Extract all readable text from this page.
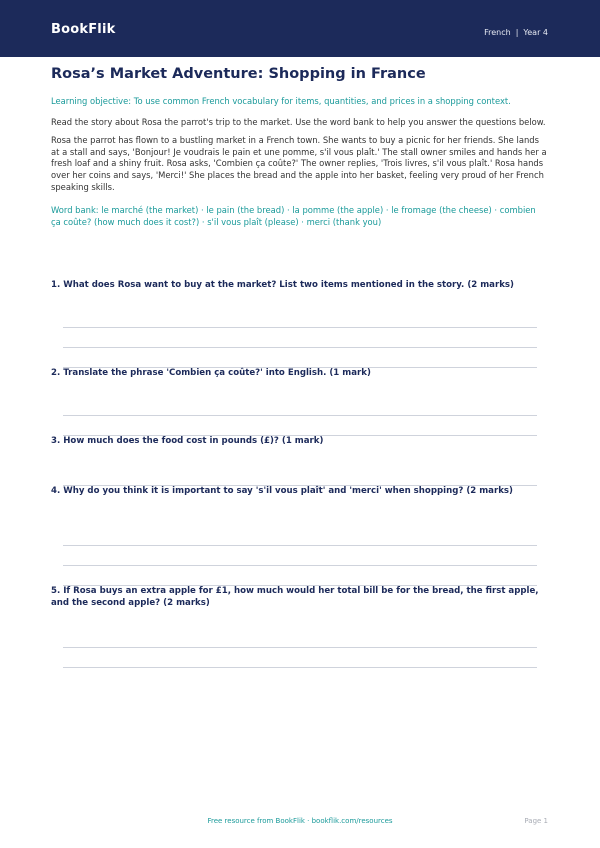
BookFlik	French | Year 4
Rosa’s Market Adventure: Shopping in France
Learning objective: To use common French vocabulary for items, quantities, and prices in a shopping context.
Read the story about Rosa the parrot's trip to the market. Use the word bank to help you answer the questions below.
Rosa the parrot has flown to a bustling market in a French town. She wants to buy a picnic for her friends. She lands at a stall and says, 'Bonjour! Je voudrais le pain et une pomme, s'il vous plaît.' The stall owner smiles and hands her a fresh loaf and a shiny fruit. Rosa asks, 'Combien ça coûte?' The owner replies, 'Trois livres, s'il vous plaît.' Rosa hands over her coins and says, 'Merci!' She places the bread and the apple into her basket, feeling very proud of her French speaking skills.
Word bank: le marché (the market) · le pain (the bread) · la pomme (the apple) · le fromage (the cheese) · combien ça coûte? (how much does it cost?) · s'il vous plaît (please) · merci (thank you)
1. What does Rosa want to buy at the market? List two items mentioned in the story. (2 marks)
2. Translate the phrase 'Combien ça coûte?' into English. (1 mark)
3. How much does the food cost in pounds (£)? (1 mark)
4. Why do you think it is important to say 's'il vous plaît' and 'merci' when shopping? (2 marks)
5. If Rosa buys an extra apple for £1, how much would her total bill be for the bread, the first apple, and the second apple? (2 marks)
Free resource from BookFlik · bookflik.com/resources	Page 1
